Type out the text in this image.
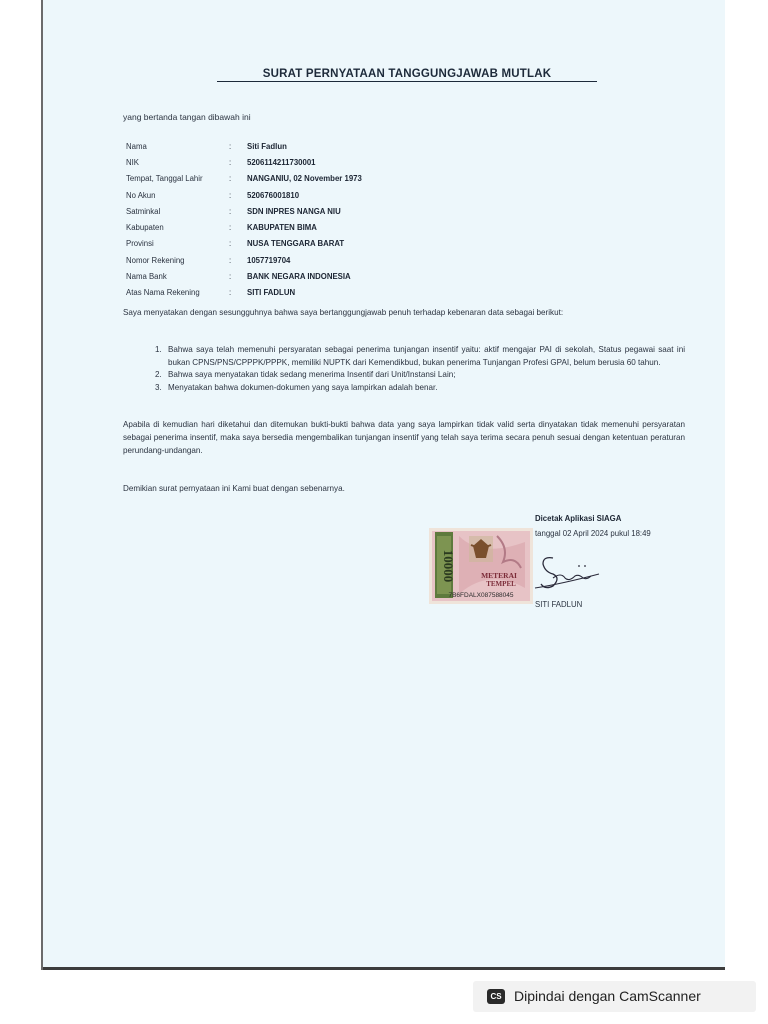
SURAT PERNYATAAN TANGGUNGJAWAB MUTLAK
yang bertanda tangan dibawah ini
Nama	:	Siti Fadlun
NIK	:	5206114211730001
Tempat, Tanggal Lahir	:	NANGANIU, 02 November 1973
No Akun	:	520676001810
Satminkal	:	SDN INPRES NANGA NIU
Kabupaten	:	KABUPATEN BIMA
Provinsi	:	NUSA TENGGARA BARAT
Nomor Rekening	:	1057719704
Nama Bank	:	BANK NEGARA INDONESIA
Atas Nama Rekening	:	SITI FADLUN
Saya menyatakan dengan sesungguhnya bahwa saya bertanggungjawab penuh terhadap kebenaran data sebagai berikut:
1. Bahwa saya telah memenuhi persyaratan sebagai penerima tunjangan insentif yaitu: aktif mengajar PAI di sekolah, Status pegawai saat ini bukan CPNS/PNS/CPPPK/PPPK, memiliki NUPTK dari Kemendikbud, bukan penerima Tunjangan Profesi GPAI, belum berusia 60 tahun.
2. Bahwa saya menyatakan tidak sedang menerima Insentif dari Unit/Instansi Lain;
3. Menyatakan bahwa dokumen-dokumen yang saya lampirkan adalah benar.
Apabila di kemudian hari diketahui dan ditemukan bukti-bukti bahwa data yang saya lampirkan tidak valid serta dinyatakan tidak memenuhi persyaratan sebagai penerima insentif, maka saya bersedia mengembalikan tunjangan insentif yang telah saya terima secara penuh sesuai dengan ketentuan peraturan perundang-undangan.
Demikian surat pernyataan ini Kami buat dengan sebenarnya.
Dicetak Aplikasi SIAGA
tanggal 02 April 2024 pukul 18:49
10000	METERAI
TEMPEL
7B6FDALX087588045
SITI FADLUN
CS Dipindai dengan CamScanner
